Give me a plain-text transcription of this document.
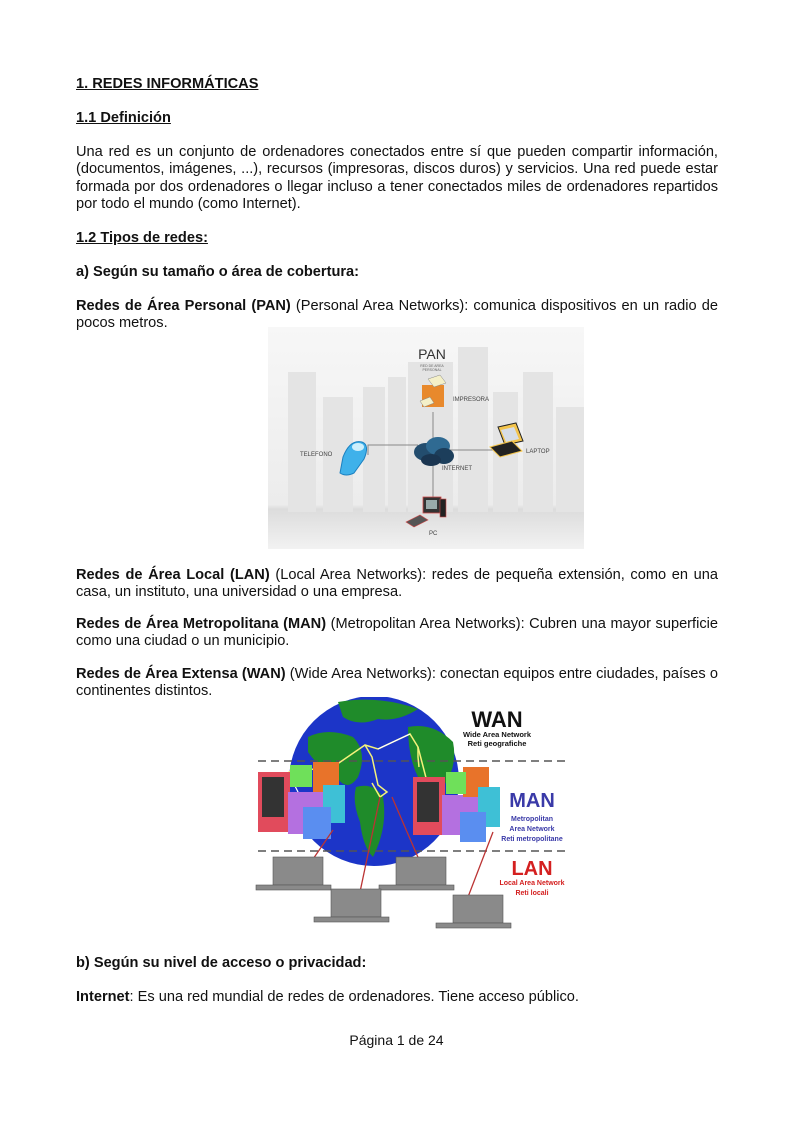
1. REDES INFORMÁTICAS
1.1 Definición
Una red es un conjunto de ordenadores conectados entre sí que pueden compartir información, (documentos, imágenes, ...), recursos (impresoras, discos duros) y servicios. Una red puede estar formada por dos ordenadores o llegar incluso a tener conectados miles de ordenadores repartidos por todo el mundo (como Internet).
1.2 Tipos de redes:
a) Según su tamaño o área de cobertura:
Redes de Área Personal (PAN) (Personal Area Networks): comunica dispositivos en un radio de pocos metros.
Redes de Área Local (LAN) (Local Area Networks): redes de pequeña extensión, como en una casa, un instituto, una universidad o una empresa.
Redes de Área Metropolitana (MAN) (Metropolitan Area Networks): Cubren una mayor superficie como una ciudad o un municipio.
Redes de Área Extensa (WAN) (Wide Area Networks): conectan equipos entre ciudades, países o continentes distintos.
b) Según su nivel de acceso o privacidad:
Internet: Es una red mundial de redes de ordenadores. Tiene acceso público.
PAN
RED DE AREA
PERSONAL
IMPRESORA
TELEFONO
INTERNET
LAPTOP
PC
WAN
Wide Area Network
Reti geografiche
MAN
Metropolitan
Area Network
Reti metropolitane
LAN
Local Area Network
Reti locali
Página 1 de 24
